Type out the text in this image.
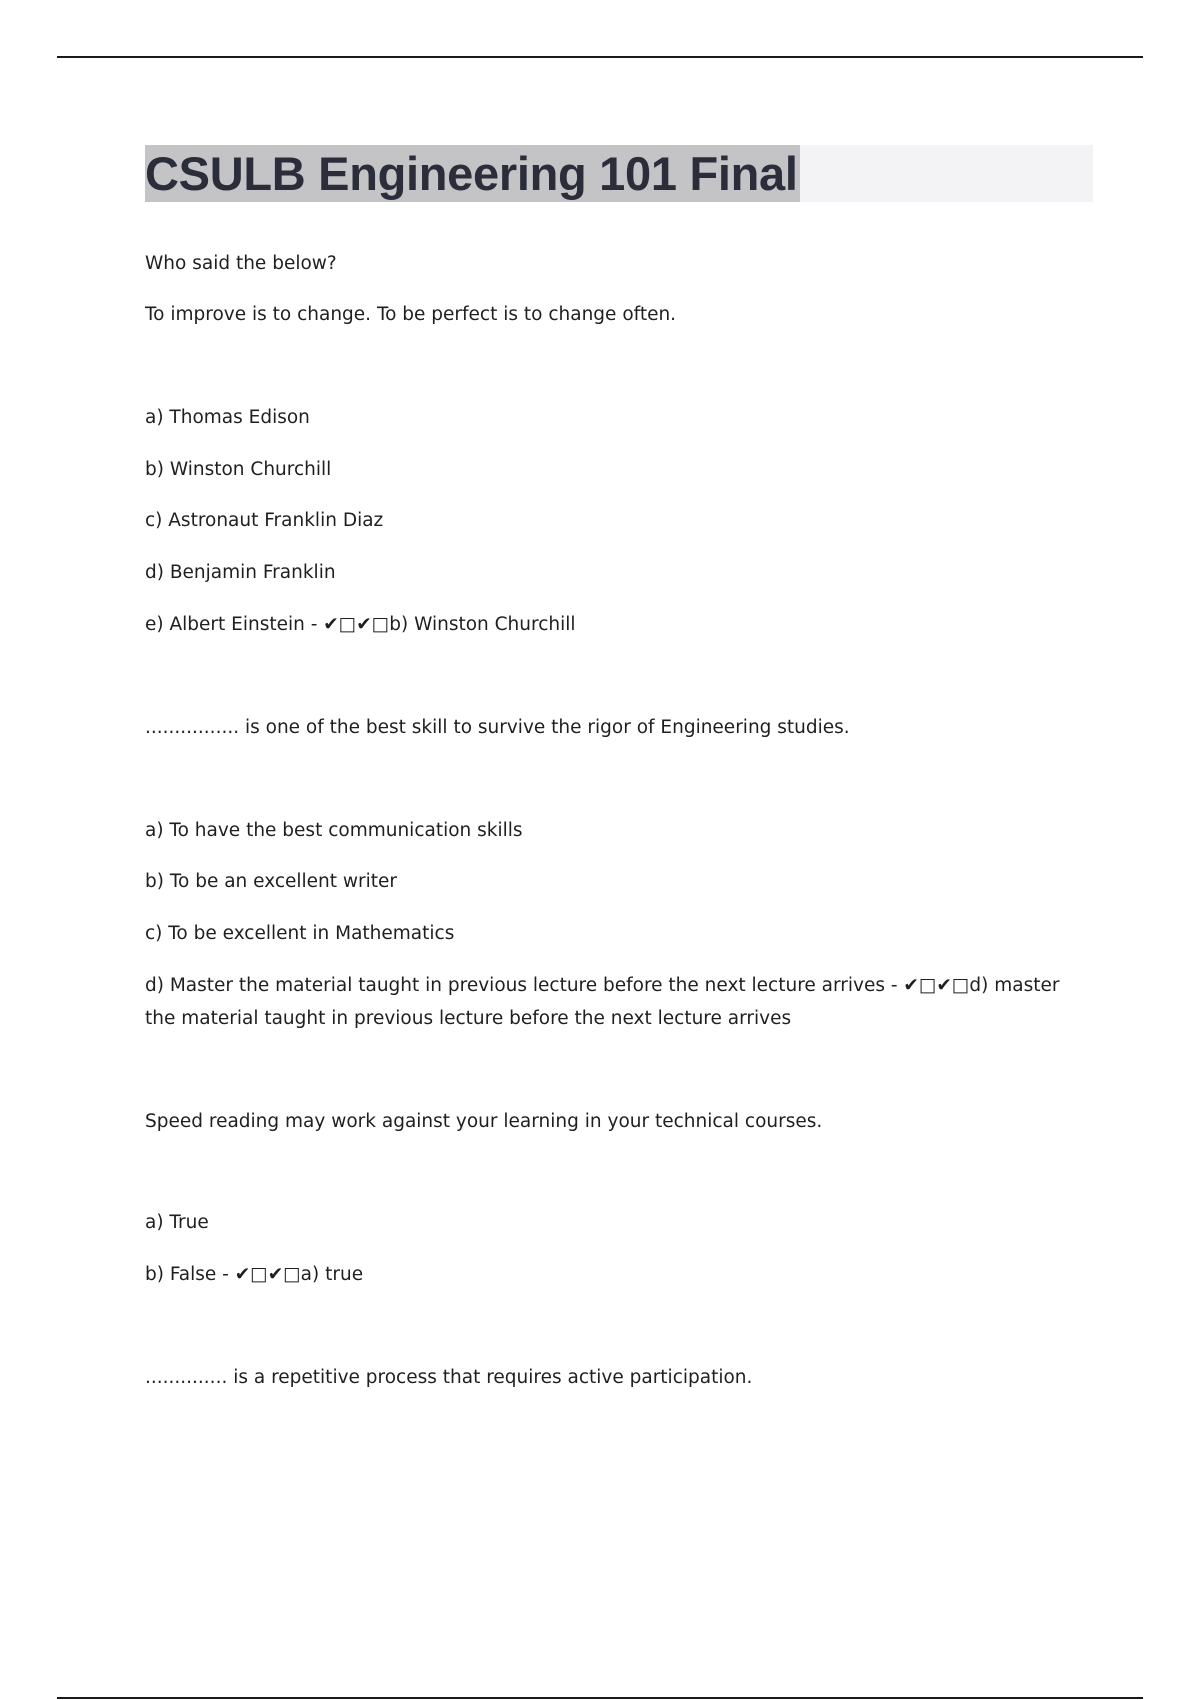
CSULB Engineering 101 Final
Who said the below?
To improve is to change. To be perfect is to change often.
a) Thomas Edison
b) Winston Churchill
c) Astronaut Franklin Diaz
d) Benjamin Franklin
e) Albert Einstein - ✔□✔□b) Winston Churchill
................ is one of the best skill to survive the rigor of Engineering studies.
a) To have the best communication skills
b) To be an excellent writer
c) To be excellent in Mathematics
d) Master the material taught in previous lecture before the next lecture arrives - ✔□✔□d) master the material taught in previous lecture before the next lecture arrives
Speed reading may work against your learning in your technical courses.
a) True
b) False - ✔□✔□a) true
.............. is a repetitive process that requires active participation.
